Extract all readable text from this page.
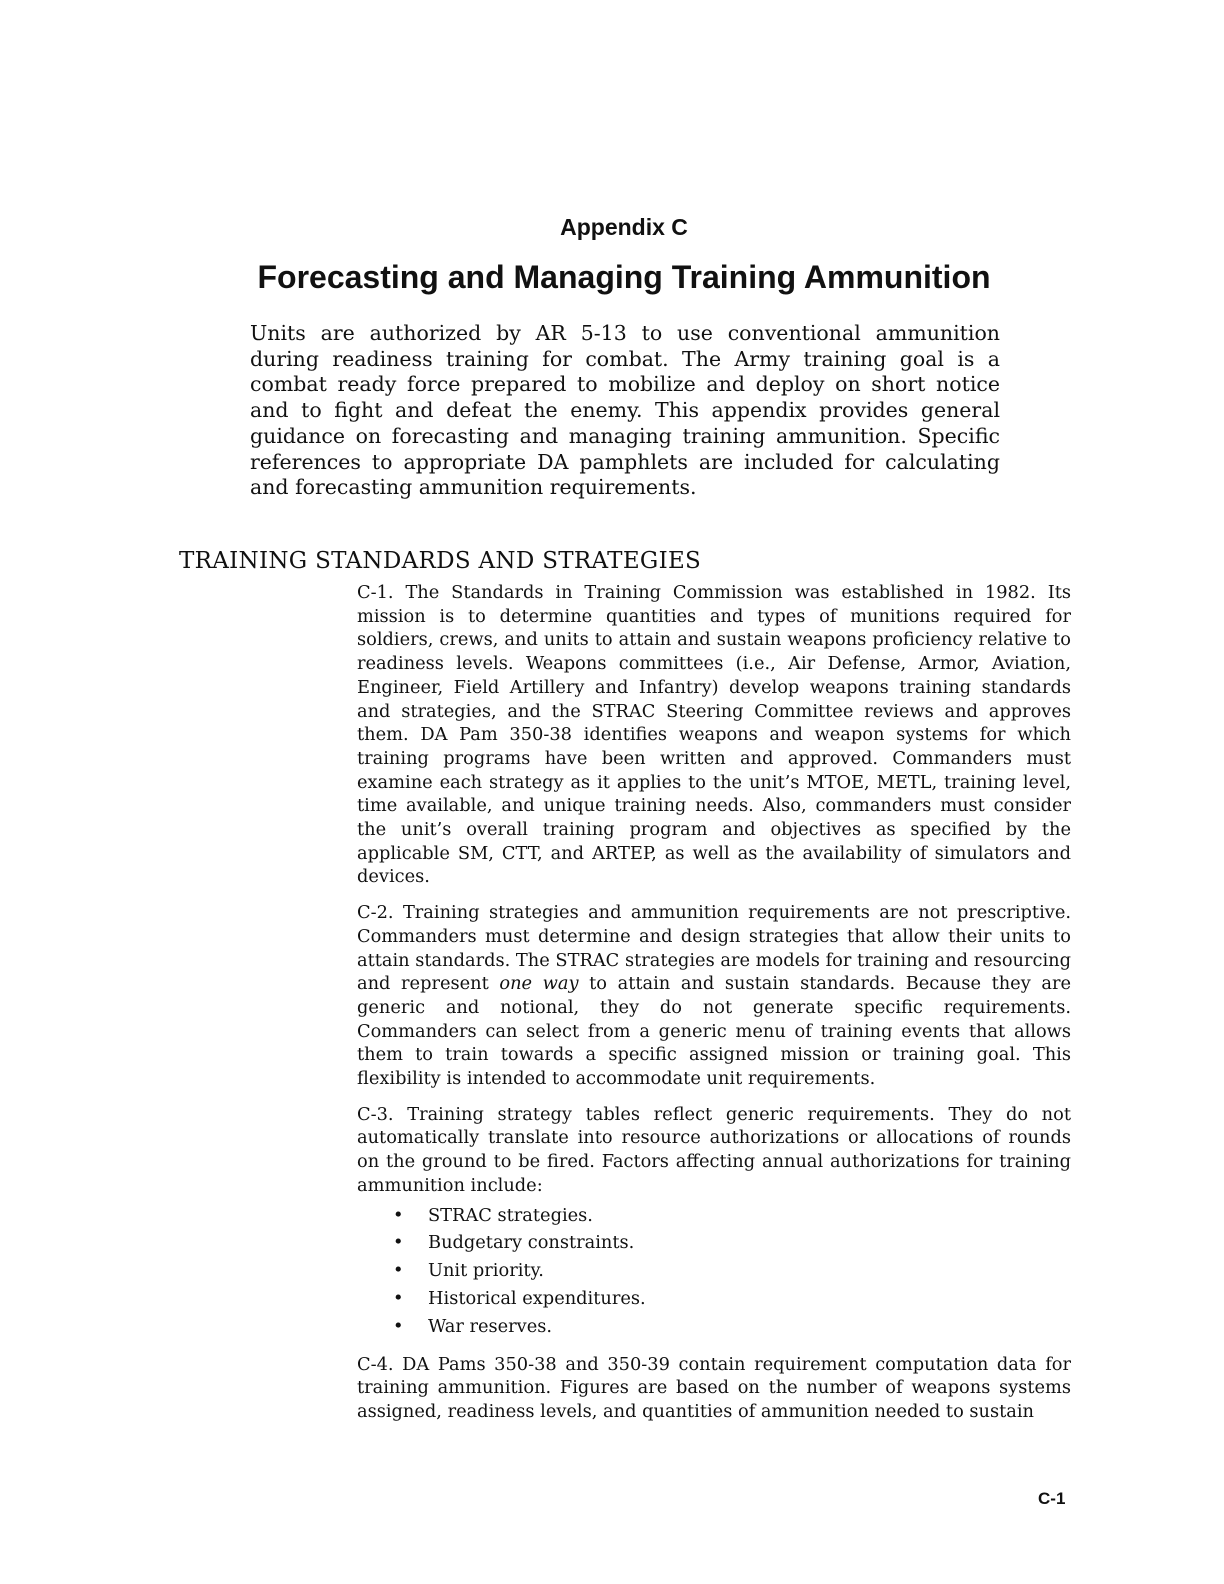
Appendix C
Forecasting and Managing Training Ammunition

Units are authorized by AR 5-13 to use conventional ammunition during readiness training for combat. The Army training goal is a combat ready force prepared to mobilize and deploy on short notice and to fight and defeat the enemy. This appendix provides general guidance on forecasting and managing training ammunition. Specific references to appropriate DA pamphlets are included for calculating and forecasting ammunition requirements.

TRAINING STANDARDS AND STRATEGIES

C-1. The Standards in Training Commission was established in 1982. Its mission is to determine quantities and types of munitions required for soldiers, crews, and units to attain and sustain weapons proficiency relative to readiness levels. Weapons committees (i.e., Air Defense, Armor, Aviation, Engineer, Field Artillery and Infantry) develop weapons training standards and strategies, and the STRAC Steering Committee reviews and approves them. DA Pam 350-38 identifies weapons and weapon systems for which training programs have been written and approved. Commanders must examine each strategy as it applies to the unit’s MTOE, METL, training level, time available, and unique training needs. Also, commanders must consider the unit’s overall training program and objectives as specified by the applicable SM, CTT, and ARTEP, as well as the availability of simulators and devices.

C-2. Training strategies and ammunition requirements are not prescriptive. Commanders must determine and design strategies that allow their units to attain standards. The STRAC strategies are models for training and resourcing and represent one way to attain and sustain standards. Because they are generic and notional, they do not generate specific requirements. Commanders can select from a generic menu of training events that allows them to train towards a specific assigned mission or training goal. This flexibility is intended to accommodate unit requirements.

C-3. Training strategy tables reflect generic requirements. They do not automatically translate into resource authorizations or allocations of rounds on the ground to be fired. Factors affecting annual authorizations for training ammunition include:

• STRAC strategies.
• Budgetary constraints.
• Unit priority.
• Historical expenditures.
• War reserves.

C-4. DA Pams 350-38 and 350-39 contain requirement computation data for training ammunition. Figures are based on the number of weapons systems assigned, readiness levels, and quantities of ammunition needed to sustain

C-1
